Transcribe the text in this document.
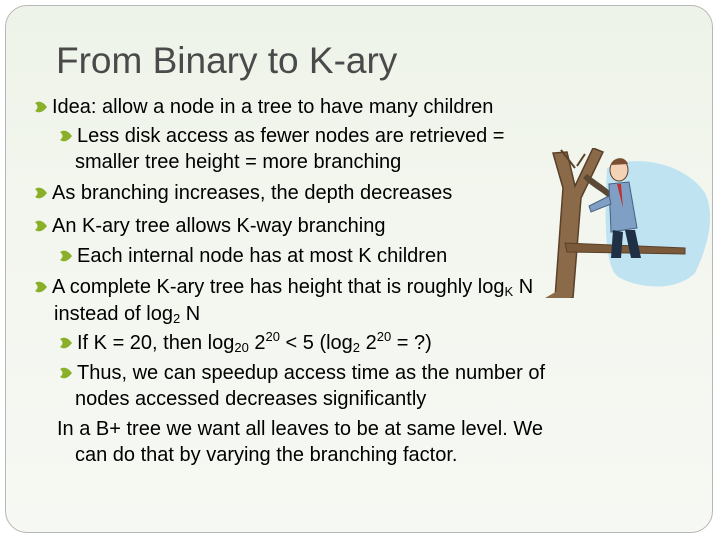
From Binary to K-ary
Idea: allow a node in a tree to have many children
Less disk access as fewer nodes are retrieved =
smaller tree height = more branching
As branching increases, the depth decreases
An K-ary tree allows K-way branching
Each internal node has at most K children
A complete K-ary tree has height that is roughly $\log_K N$
instead of $\log_2 N$
If K = 20, then $\log_{20} 2^{20} < 5$ ($\log_2$ $2^{20}$ = ?)
Thus, we can speedup access time as the number of
nodes accessed decreases significantly
In a B+ tree we want all leaves to be at same level. We
can do that by varying the branching factor.
